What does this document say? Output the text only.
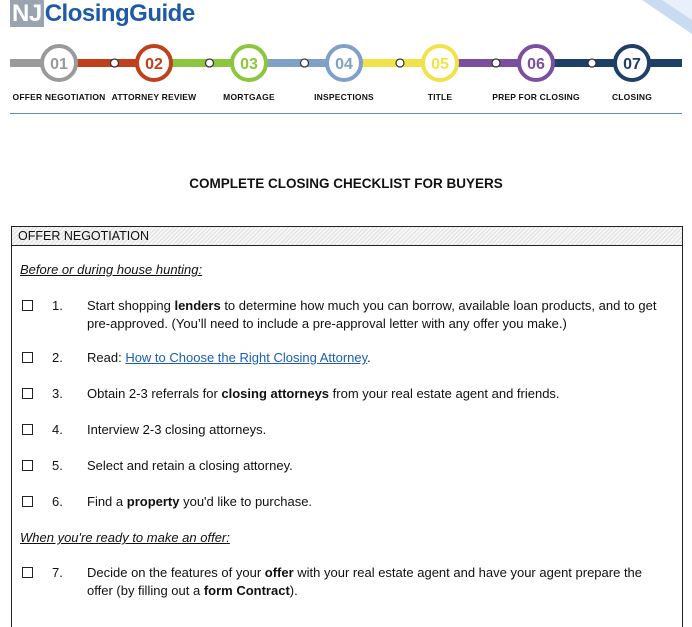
NJ ClosingGuide
01	02	03	04	05	06	07
OFFER NEGOTIATION ATTORNEY REVIEW	MORTGAGE	INSPECTIONS	TITLE	PREP FOR CLOSING	CLOSING
COMPLETE CLOSING CHECKLIST FOR BUYERS
OFFER NEGOTIATION
Before or during house hunting:
1. Start shopping lenders to determine how much you can borrow, available loan products, and to get pre-approved. (You’ll need to include a pre-approval letter with any offer you make.)
2. Read: How to Choose the Right Closing Attorney.
3. Obtain 2-3 referrals for closing attorneys from your real estate agent and friends.
4. Interview 2-3 closing attorneys.
5. Select and retain a closing attorney.
6. Find a property you'd like to purchase.
When you're ready to make an offer:
7. Decide on the features of your offer with your real estate agent and have your agent prepare the offer (by filling out a form Contract).
